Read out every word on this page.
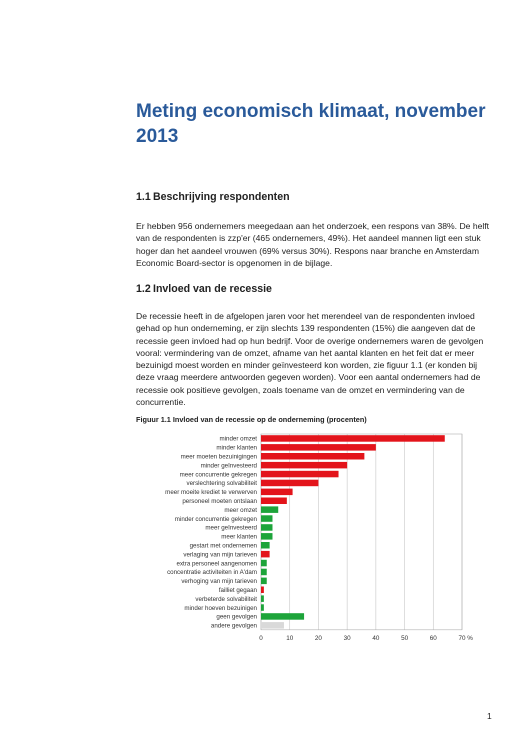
Meting economisch klimaat, november 2013
1.1 Beschrijving respondenten
Er hebben 956 ondernemers meegedaan aan het onderzoek, een respons van 38%. De helft van de respondenten is zzp'er (465 ondernemers, 49%). Het aandeel mannen ligt een stuk hoger dan het aandeel vrouwen (69% versus 30%). Respons naar branche en Amsterdam Economic Board-sector is opgenomen in de bijlage.
1.2 Invloed van de recessie
De recessie heeft in de afgelopen jaren voor het merendeel van de respondenten invloed gehad op hun onderneming, er zijn slechts 139 respondenten (15%) die aangeven dat de recessie geen invloed had op hun bedrijf. Voor de overige ondernemers waren de gevolgen vooral: vermindering van de omzet, afname van het aantal klanten en het feit dat er meer bezuinigd moest worden en minder geïnvesteerd kon worden, zie figuur 1.1 (er konden bij deze vraag meerdere antwoorden gegeven worden). Voor een aantal ondernemers had de recessie ook positieve gevolgen, zoals toename van de omzet en vermindering van de concurrentie.
Figuur 1.1 Invloed van de recessie op de onderneming (procenten)
0	10	20	30	40	50	60	70
minder omzet
minder klanten
meer moeten bezuinigingen
minder geïnvesteerd
meer concurrentie gekregen
verslechtering solvabiliteit
meer moeite krediet te verwerven
personeel moeten ontslaan
meer omzet
minder concurrentie gekregen
meer geïnvesteerd
meer klanten
gestart met ondernemen
verlaging van mijn tarieven
extra personeel aangenomen
concentratie activiteiten in A'dam
verhoging van mijn tarieven
failliet gegaan
verbeterde solvabiliteit
minder hoeven bezuinigen
geen gevolgen
andere gevolgen
%
1
